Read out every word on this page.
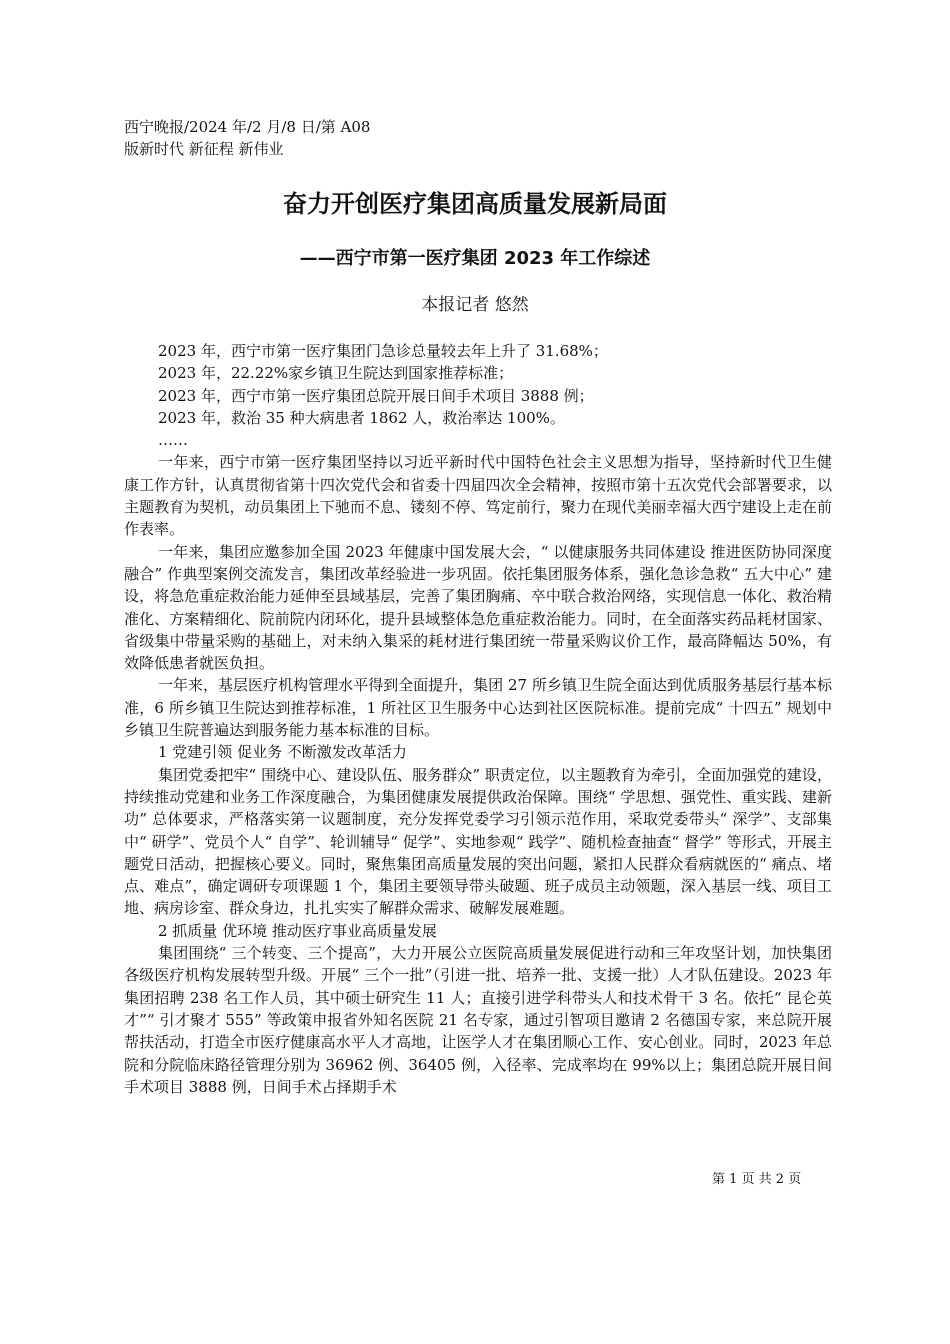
西宁晚报/2024 年/2 月/8 日/第 A08
版新时代 新征程 新伟业
奋力开创医疗集团高质量发展新局面
——西宁市第一医疗集团 2023 年工作综述
本报记者 悠然

2023 年，西宁市第一医疗集团门急诊总量较去年上升了 31.68%；

2023 年，22.22%家乡镇卫生院达到国家推荐标准；

2023 年，西宁市第一医疗集团总院开展日间手术项目 3888 例；

2023 年，救治 35 种大病患者 1862 人，救治率达 100%。

……

一年来，西宁市第一医疗集团坚持以习近平新时代中国特色社会主义思想为指导，坚持新时代卫生健康工作方针，认真贯彻省第十四次党代会和省委十四届四次全会精神，按照市第十五次党代会部署要求，以主题教育为契机，动员集团上下驰而不息、镂刻不停、笃定前行，聚力在现代美丽幸福大西宁建设上走在前作表率。

一年来，集团应邀参加全国 2023 年健康中国发展大会，“ 以健康服务共同体建设 推进医防协同深度融合” 作典型案例交流发言，集团改革经验进一步巩固。依托集团服务体系，强化急诊急救“ 五大中心” 建设，将急危重症救治能力延伸至县域基层，完善了集团胸痛、卒中联合救治网络，实现信息一体化、救治精准化、方案精细化、院前院内闭环化，提升县域整体急危重症救治能力。同时，在全面落实药品耗材国家、省级集中带量采购的基础上，对未纳入集采的耗材进行集团统一带量采购议价工作，最高降幅达 50%，有效降低患者就医负担。

一年来，基层医疗机构管理水平得到全面提升，集团 27 所乡镇卫生院全面达到优质服务基层行基本标准，6 所乡镇卫生院达到推荐标准，1 所社区卫生服务中心达到社区医院标准。提前完成“ 十四五” 规划中乡镇卫生院普遍达到服务能力基本标准的目标。

1 党建引领 促业务 不断激发改革活力

集团党委把牢“ 围绕中心、建设队伍、服务群众” 职责定位，以主题教育为牵引，全面加强党的建设，持续推动党建和业务工作深度融合，为集团健康发展提供政治保障。围绕“ 学思想、强党性、重实践、建新功” 总体要求，严格落实第一议题制度，充分发挥党委学习引领示范作用，采取党委带头“ 深学”、支部集中“ 研学”、党员个人“ 自学”、轮训辅导“ 促学”、实地参观“ 践学”、随机检查抽查“ 督学” 等形式，开展主题党日活动，把握核心要义。同时，聚焦集团高质量发展的突出问题，紧扣人民群众看病就医的“ 痛点、堵点、难点”，确定调研专项课题 1 个，集团主要领导带头破题、班子成员主动领题，深入基层一线、项目工地、病房诊室、群众身边，扎扎实实了解群众需求、破解发展难题。

2 抓质量 优环境 推动医疗事业高质量发展

集团围绕“ 三个转变、三个提高”，大力开展公立医院高质量发展促进行动和三年攻坚计划，加快集团各级医疗机构发展转型升级。开展“ 三个一批”（引进一批、培养一批、支援一批）人才队伍建设。2023 年集团招聘 238 名工作人员，其中硕士研究生 11 人；直接引进学科带头人和技术骨干 3 名。依托“ 昆仑英才”“ 引才聚才 555” 等政策申报省外知名医院 21 名专家，通过引智项目邀请 2 名德国专家，来总院开展帮扶活动，打造全市医疗健康高水平人才高地，让医学人才在集团顺心工作、安心创业。同时，2023 年总院和分院临床路径管理分别为 36962 例、36405 例，入径率、完成率均在 99%以上；集团总院开展日间手术项目 3888 例，日间手术占择期手术

第 1 页 共 2 页
